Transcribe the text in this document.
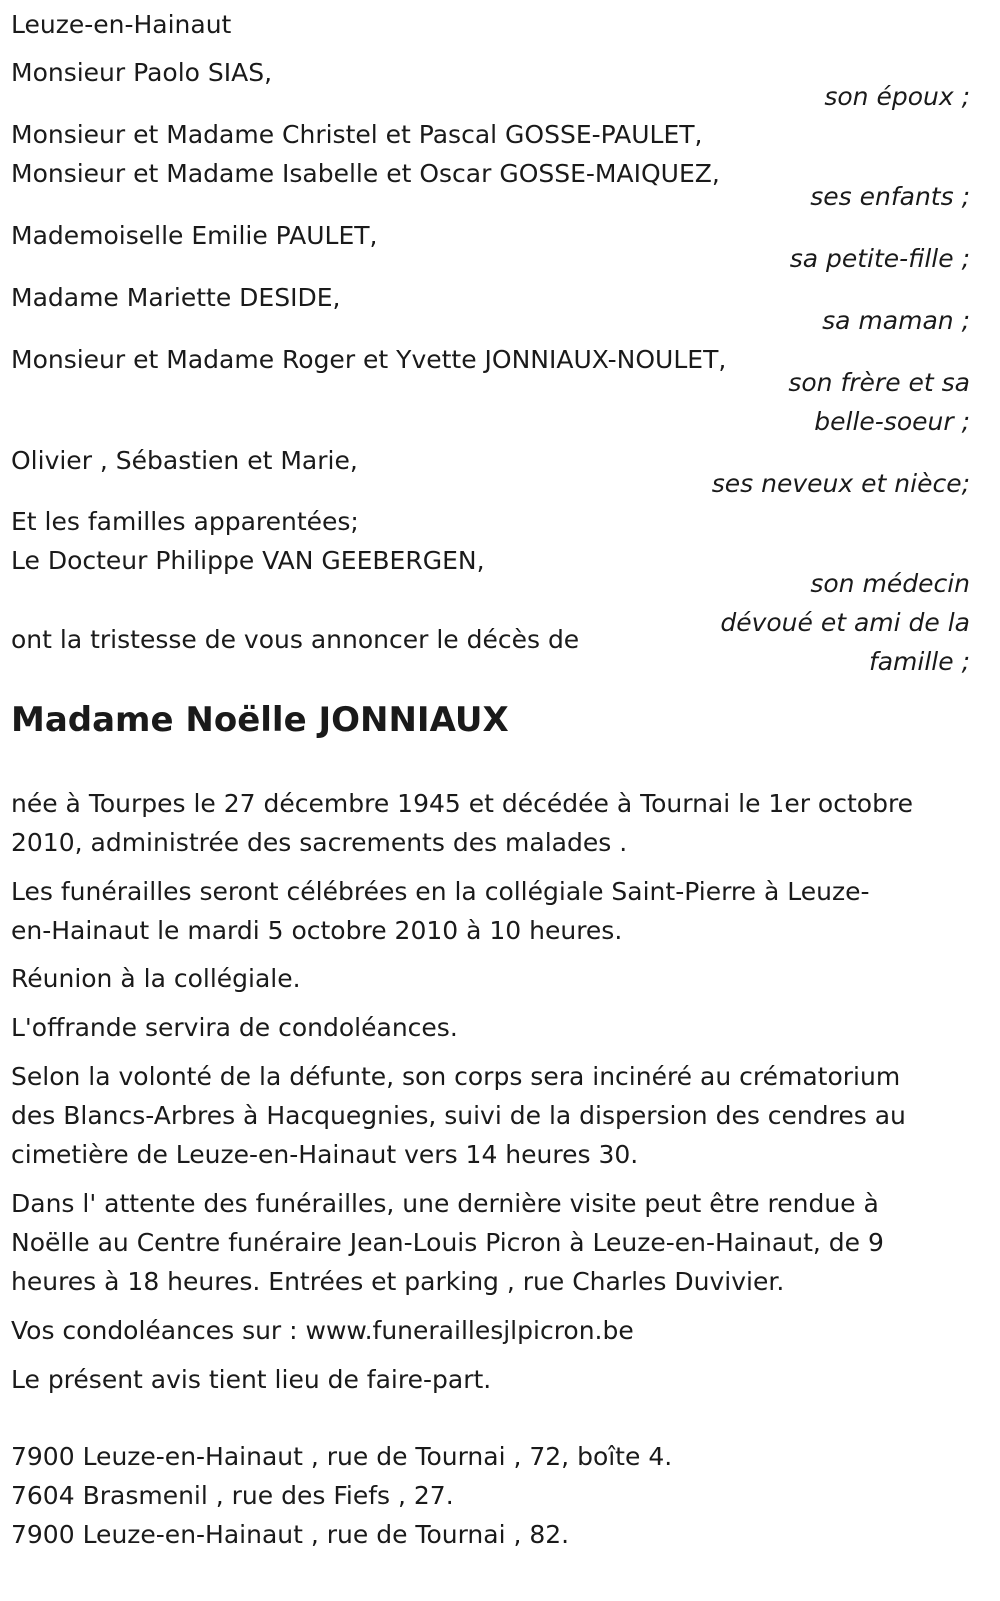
Leuze-en-Hainaut
Monsieur Paolo SIAS,
son époux ;
Monsieur et Madame Christel et Pascal GOSSE-PAULET,
Monsieur et Madame Isabelle et Oscar GOSSE-MAIQUEZ,
ses enfants ;
Mademoiselle Emilie PAULET,
sa petite-fille ;
Madame Mariette DESIDE,
sa maman ;
Monsieur et Madame Roger et Yvette JONNIAUX-NOULET,
son frère et sa
belle-soeur ;
Olivier , Sébastien et Marie,
ses neveux et nièce;
Et les familles apparentées;
Le Docteur Philippe VAN GEEBERGEN,
son médecin
dévoué et ami de la
famille ;
ont la tristesse de vous annoncer le décès de
Madame Noëlle JONNIAUX
née à Tourpes le 27 décembre 1945 et décédée à Tournai le 1er octobre
2010, administrée des sacrements des malades .
Les funérailles seront célébrées en la collégiale Saint-Pierre à Leuze-
en-Hainaut le mardi 5 octobre 2010 à 10 heures.
Réunion à la collégiale.
L'offrande servira de condoléances.
Selon la volonté de la défunte, son corps sera incinéré au crématorium
des Blancs-Arbres à Hacquegnies, suivi de la dispersion des cendres au
cimetière de Leuze-en-Hainaut vers 14 heures 30.
Dans l' attente des funérailles, une dernière visite peut être rendue à
Noëlle au Centre funéraire Jean-Louis Picron à Leuze-en-Hainaut, de 9
heures à 18 heures. Entrées et parking , rue Charles Duvivier.
Vos condoléances sur : www.funeraillesjlpicron.be
Le présent avis tient lieu de faire-part.
7900 Leuze-en-Hainaut , rue de Tournai , 72, boîte 4.
7604 Brasmenil , rue des Fiefs , 27.
7900 Leuze-en-Hainaut , rue de Tournai , 82.
